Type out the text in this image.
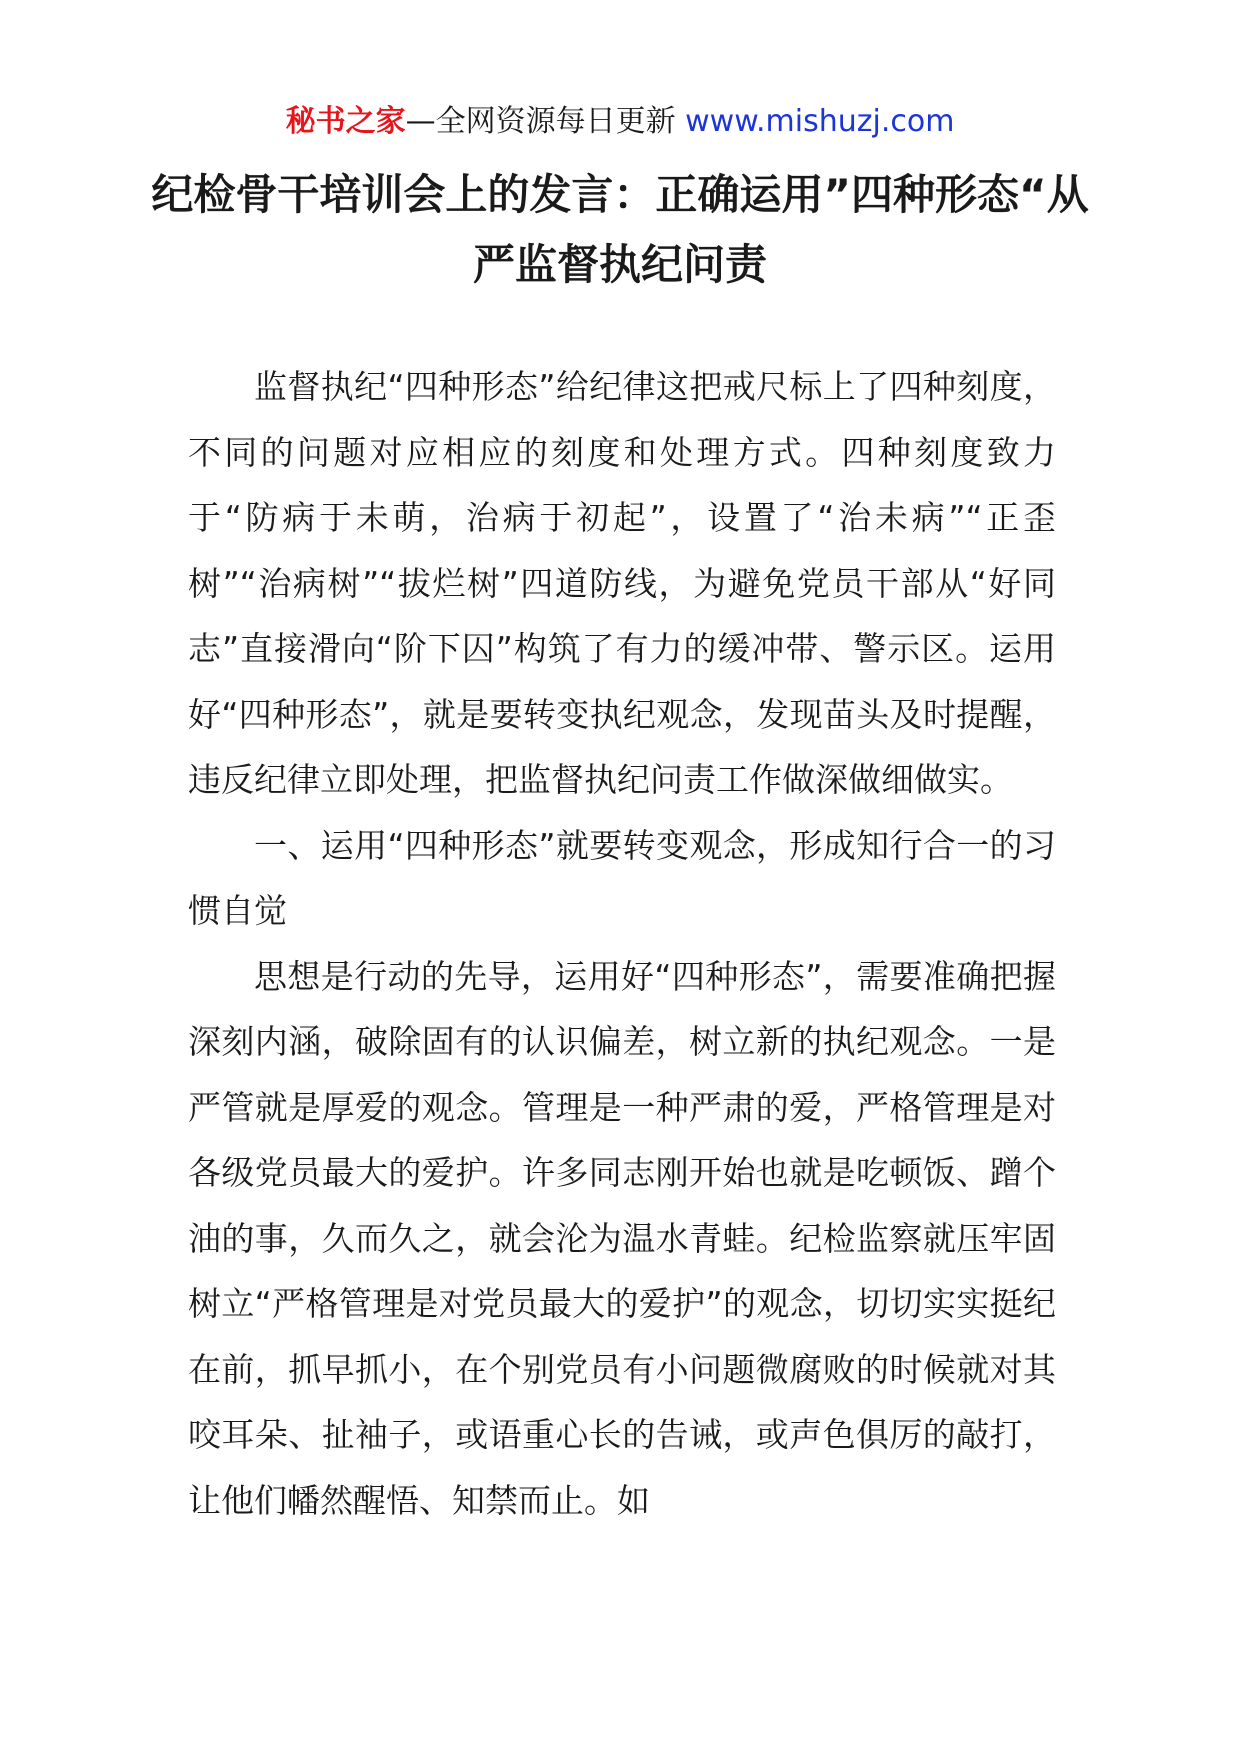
秘书之家—全网资源每日更新 www.mishuzj.com
纪检骨干培训会上的发言：正确运用”四种形态“从严监督执纪问责

监督执纪“四种形态”给纪律这把戒尺标上了四种刻度，不同的问题对应相应的刻度和处理方式。四种刻度致力于“防病于未萌，治病于初起”，设置了“治未病”“正歪树”“治病树”“拔烂树”四道防线，为避免党员干部从“好同志”直接滑向“阶下囚”构筑了有力的缓冲带、警示区。运用好“四种形态”，就是要转变执纪观念，发现苗头及时提醒，违反纪律立即处理，把监督执纪问责工作做深做细做实。

一、运用“四种形态”就要转变观念，形成知行合一的习惯自觉

思想是行动的先导，运用好“四种形态”，需要准确把握深刻内涵，破除固有的认识偏差，树立新的执纪观念。一是严管就是厚爱的观念。管理是一种严肃的爱，严格管理是对各级党员最大的爱护。许多同志刚开始也就是吃顿饭、蹭个油的事，久而久之，就会沦为温水青蛙。纪检监察就压牢固树立“严格管理是对党员最大的爱护”的观念，切切实实挺纪在前，抓早抓小，在个别党员有小问题微腐败的时候就对其咬耳朵、扯袖子，或语重心长的告诫，或声色俱厉的敲打，让他们幡然醒悟、知禁而止。如
